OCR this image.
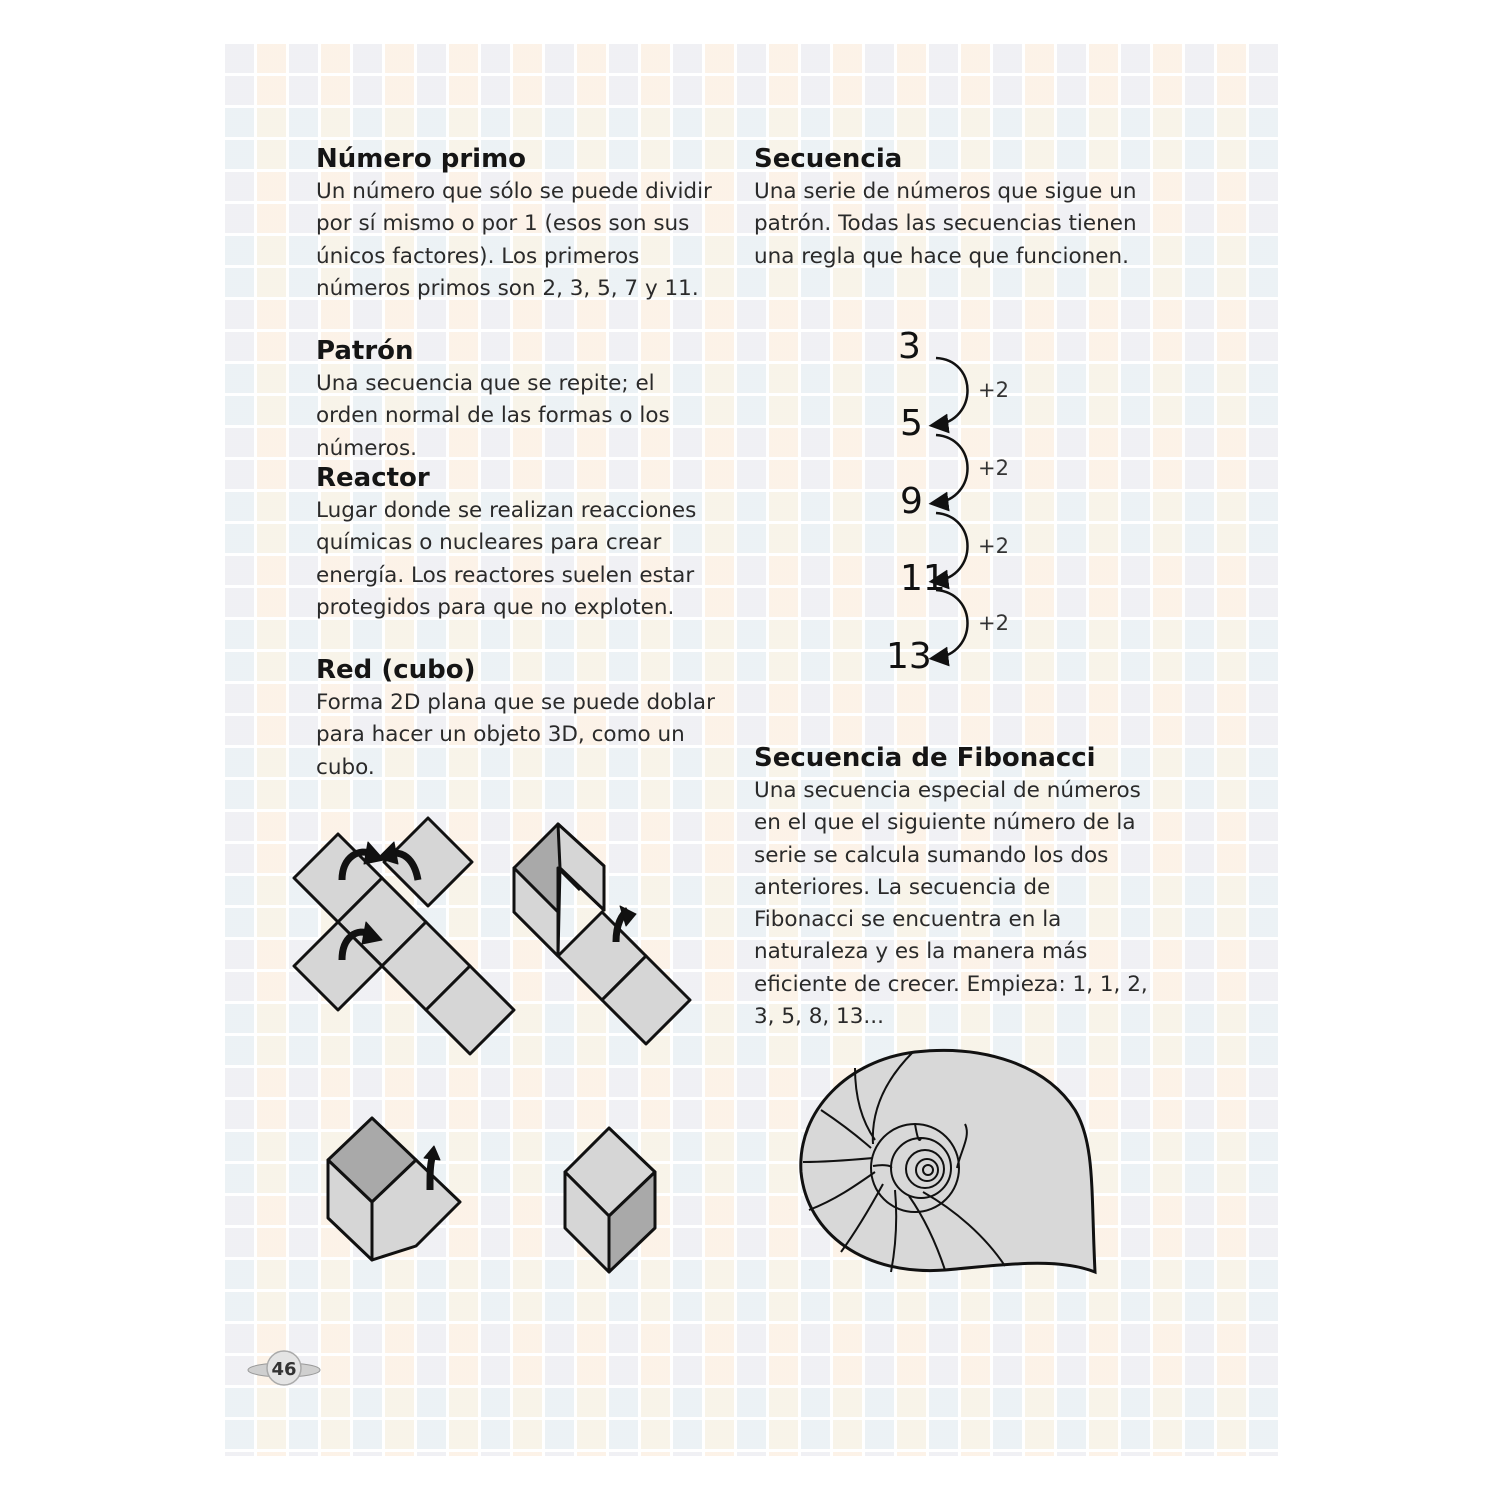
Número primo

Un número que sólo se puede dividir por sí mismo o por 1 (esos son sus únicos factores). Los primeros números primos son 2, 3, 5, 7 y 11.

Patrón

Una secuencia que se repite; el orden normal de las formas o los números.

Reactor

Lugar donde se realizan reacciones químicas o nucleares para crear energía. Los reactores suelen estar protegidos para que no exploten.

Red (cubo)

Forma 2D plana que se puede doblar para hacer un objeto 3D, como un cubo.

Secuencia

Una serie de números que sigue un patrón. Todas las secuencias tienen una regla que hace que funcionen.

Secuencia de Fibonacci

Una secuencia especial de números en el que el siguiente número de la serie se calcula sumando los dos anteriores. La secuencia de Fibonacci se encuentra en la naturaleza y es la manera más eficiente de crecer. Empieza: 1, 1, 2, 3, 5, 8, 13...

3
5
9
11
13
+2
+2
+2
+2
46
